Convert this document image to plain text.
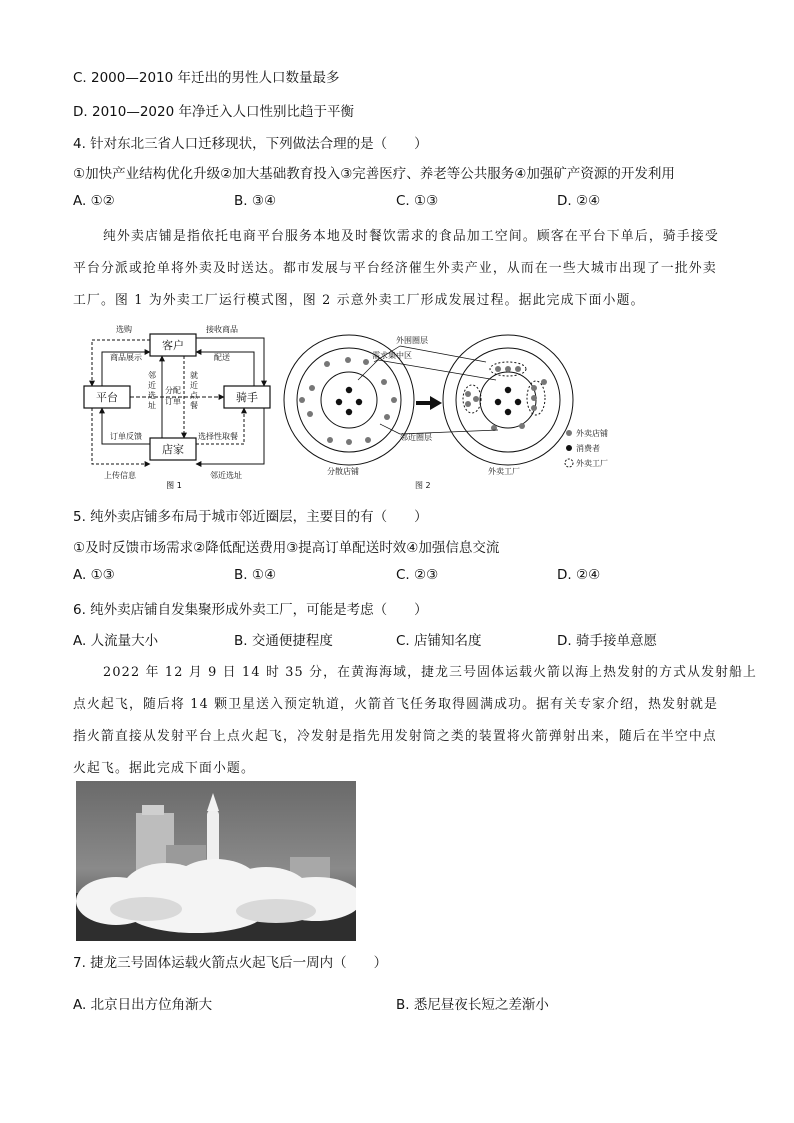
C. 2000—2010 年迁出的男性人口数量最多
D. 2010—2020 年净迁入人口性别比趋于平衡
4. 针对东北三省人口迁移现状，下列做法合理的是（　　）
①加快产业结构优化升级②加大基础教育投入③完善医疗、养老等公共服务④加强矿产资源的开发利用
A. ①②	B. ③④	C. ①③	D. ②④
纯外卖店铺是指依托电商平台服务本地及时餐饮需求的食品加工空间。顾客在平台下单后，骑手接受
平台分派或抢单将外卖及时送达。都市发展与平台经济催生外卖产业，从而在一些大城市出现了一批外卖
工厂。图 1 为外卖工厂运行模式图，图 2 示意外卖工厂形成发展过程。据此完成下面小题。
客户
平台	骑手
店家
选购
商品展示
接收商品
配送
邻
近
选
址
分配
订单
就
近
点
餐
订单反馈
上传信息
选择性取餐
邻近选址
图 1
外围圈层
需求集中区
邻近圈层
分散店铺	外卖工厂
图 2
外卖店铺
消费者
外卖工厂
5. 纯外卖店铺多布局于城市邻近圈层，主要目的有（　　）
①及时反馈市场需求②降低配送费用③提高订单配送时效④加强信息交流
A. ①③	B. ①④	C. ②③	D. ②④
6. 纯外卖店铺自发集聚形成外卖工厂，可能是考虑（　　）
A. 人流量大小	B. 交通便捷程度	C. 店铺知名度	D. 骑手接单意愿
2022 年 12 月 9 日 14 时 35 分，在黄海海域，捷龙三号固体运载火箭以海上热发射的方式从发射船上
点火起飞，随后将 14 颗卫星送入预定轨道，火箭首飞任务取得圆满成功。据有关专家介绍，热发射就是
指火箭直接从发射平台上点火起飞，冷发射是指先用发射筒之类的装置将火箭弹射出来，随后在半空中点
火起飞。据此完成下面小题。
7. 捷龙三号固体运载火箭点火起飞后一周内（　　）
A. 北京日出方位角渐大	B. 悉尼昼夜长短之差渐小
